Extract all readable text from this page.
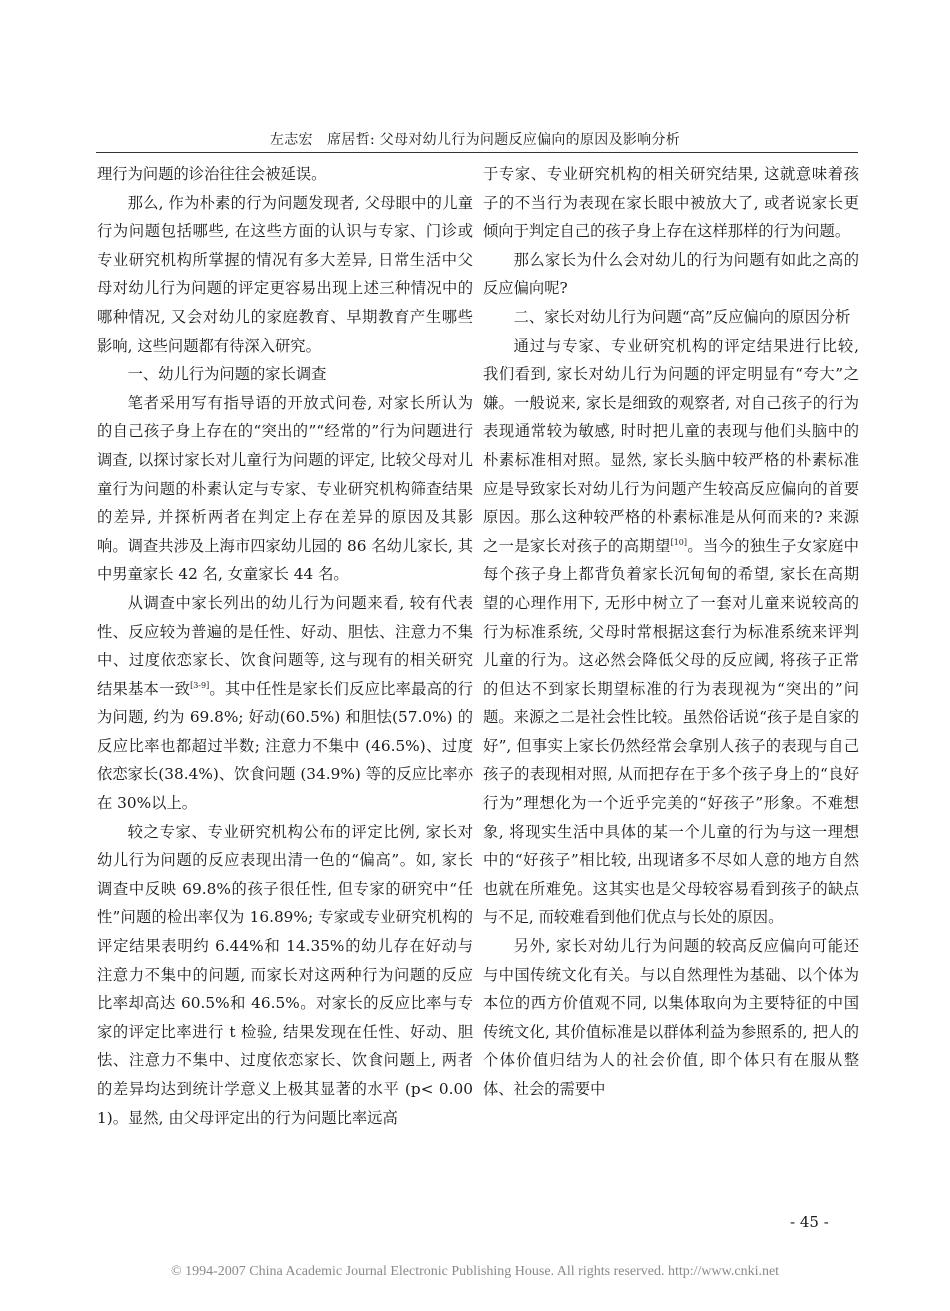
左志宏　席居哲: 父母对幼儿行为问题反应偏向的原因及影响分析

理行为问题的诊治往往会被延误。

那么, 作为朴素的行为问题发现者, 父母眼中的儿童行为问题包括哪些, 在这些方面的认识与专家、门诊或专业研究机构所掌握的情况有多大差异, 日常生活中父母对幼儿行为问题的评定更容易出现上述三种情况中的哪种情况, 又会对幼儿的家庭教育、早期教育产生哪些影响, 这些问题都有待深入研究。

一、幼儿行为问题的家长调查

笔者采用写有指导语的开放式问卷, 对家长所认为的自己孩子身上存在的“突出的”“经常的”行为问题进行调查, 以探讨家长对儿童行为问题的评定, 比较父母对儿童行为问题的朴素认定与专家、专业研究机构筛查结果的差异, 并探析两者在判定上存在差异的原因及其影响。调查共涉及上海市四家幼儿园的 86 名幼儿家长, 其中男童家长 42 名, 女童家长 44 名。

从调查中家长列出的幼儿行为问题来看, 较有代表性、反应较为普遍的是任性、好动、胆怯、注意力不集中、过度依恋家长、饮食问题等, 这与现有的相关研究结果基本一致[3-9]。其中任性是家长们反应比率最高的行为问题, 约为 69.8%; 好动(60.5%) 和胆怯(57.0%) 的反应比率也都超过半数; 注意力不集中 (46.5%)、过度依恋家长(38.4%)、饮食问题 (34.9%) 等的反应比率亦在 30%以上。

较之专家、专业研究机构公布的评定比例, 家长对幼儿行为问题的反应表现出清一色的“偏高”。如, 家长调查中反映 69.8%的孩子很任性, 但专家的研究中“任性”问题的检出率仅为 16.89%; 专家或专业研究机构的评定结果表明约 6.44%和 14.35%的幼儿存在好动与注意力不集中的问题, 而家长对这两种行为问题的反应比率却高达 60.5%和 46.5%。对家长的反应比率与专家的评定比率进行 t 检验, 结果发现在任性、好动、胆怯、注意力不集中、过度依恋家长、饮食问题上, 两者的差异均达到统计学意义上极其显著的水平 (p< 0.001)。显然, 由父母评定出的行为问题比率远高

于专家、专业研究机构的相关研究结果, 这就意味着孩子的不当行为表现在家长眼中被放大了, 或者说家长更倾向于判定自己的孩子身上存在这样那样的行为问题。

那么家长为什么会对幼儿的行为问题有如此之高的反应偏向呢?

二、家长对幼儿行为问题“高”反应偏向的原因分析

通过与专家、专业研究机构的评定结果进行比较, 我们看到, 家长对幼儿行为问题的评定明显有“夸大”之嫌。一般说来, 家长是细致的观察者, 对自己孩子的行为表现通常较为敏感, 时时把儿童的表现与他们头脑中的朴素标准相对照。显然, 家长头脑中较严格的朴素标准应是导致家长对幼儿行为问题产生较高反应偏向的首要原因。那么这种较严格的朴素标准是从何而来的? 来源之一是家长对孩子的高期望[10]。当今的独生子女家庭中每个孩子身上都背负着家长沉甸甸的希望, 家长在高期望的心理作用下, 无形中树立了一套对儿童来说较高的行为标准系统, 父母时常根据这套行为标准系统来评判儿童的行为。这必然会降低父母的反应阈, 将孩子正常的但达不到家长期望标准的行为表现视为“突出的”问题。来源之二是社会性比较。虽然俗话说“孩子是自家的好”, 但事实上家长仍然经常会拿别人孩子的表现与自己孩子的表现相对照, 从而把存在于多个孩子身上的“良好行为”理想化为一个近乎完美的“好孩子”形象。不难想象, 将现实生活中具体的某一个儿童的行为与这一理想中的“好孩子”相比较, 出现诸多不尽如人意的地方自然也就在所难免。这其实也是父母较容易看到孩子的缺点与不足, 而较难看到他们优点与长处的原因。

另外, 家长对幼儿行为问题的较高反应偏向可能还与中国传统文化有关。与以自然理性为基础、以个体为本位的西方价值观不同, 以集体取向为主要特征的中国传统文化, 其价值标准是以群体利益为参照系的, 把人的个体价值归结为人的社会价值, 即个体只有在服从整体、社会的需要中

- 45 -
© 1994-2007 China Academic Journal Electronic Publishing House. All rights reserved. http://www.cnki.net
